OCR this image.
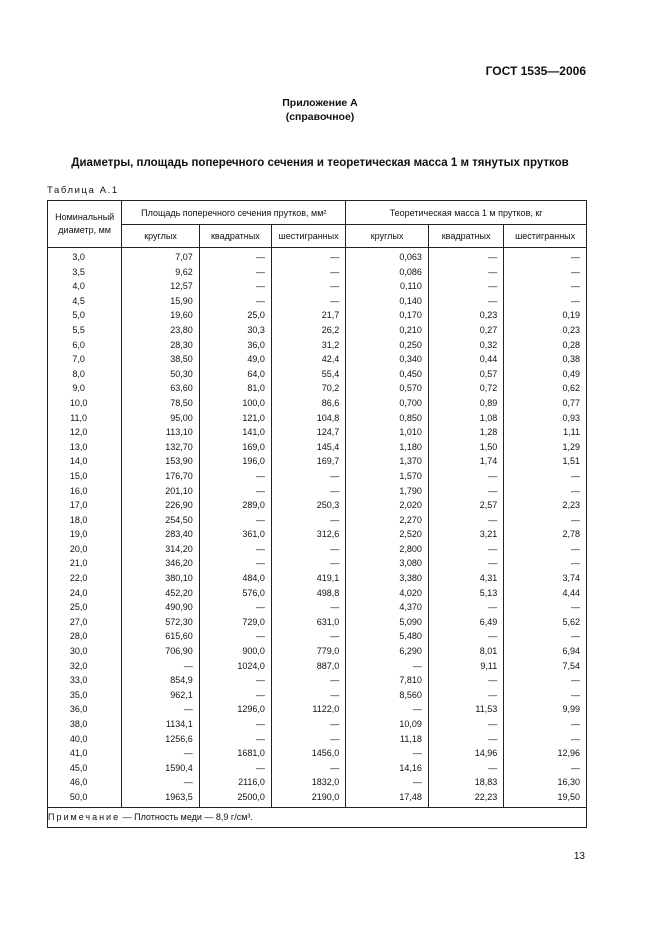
ГОСТ 1535—2006
Приложение А
(справочное)
Диаметры, площадь поперечного сечения и теоретическая масса 1 м тянутых прутков
Таблица А.1
Номинальный диаметр, мм	Площадь поперечного сечения прутков, мм²			Теоретическая масса 1 м прутков, кг		
	круглых	квадратных	шестигранных	круглых	квадратных	шестигранных
3,0	7,07	—	—	0,063	—	—
3,5	9,62	—	—	0,086	—	—
4,0	12,57	—	—	0,110	—	—
4,5	15,90	—	—	0,140	—	—
5,0	19,60	25,0	21,7	0,170	0,23	0,19
5,5	23,80	30,3	26,2	0,210	0,27	0,23
6,0	28,30	36,0	31,2	0,250	0,32	0,28
7,0	38,50	49,0	42,4	0,340	0,44	0,38
8,0	50,30	64,0	55,4	0,450	0,57	0,49
9,0	63,60	81,0	70,2	0,570	0,72	0,62
10,0	78,50	100,0	86,6	0,700	0,89	0,77
11,0	95,00	121,0	104,8	0,850	1,08	0,93
12,0	113,10	141,0	124,7	1,010	1,28	1,11
13,0	132,70	169,0	145,4	1,180	1,50	1,29
14,0	153,90	196,0	169,7	1,370	1,74	1,51
15,0	176,70	—	—	1,570	—	—
16,0	201,10	—	—	1,790	—	—
17,0	226,90	289,0	250,3	2,020	2,57	2,23
18,0	254,50	—	—	2,270	—	—
19,0	283,40	361,0	312,6	2,520	3,21	2,78
20,0	314,20	—	—	2,800	—	—
21,0	346,20	—	—	3,080	—	—
22,0	380,10	484,0	419,1	3,380	4,31	3,74
24,0	452,20	576,0	498,8	4,020	5,13	4,44
25,0	490,90	—	—	4,370	—	—
27,0	572,30	729,0	631,0	5,090	6,49	5,62
28,0	615,60	—	—	5,480	—	—
30,0	706,90	900,0	779,0	6,290	8,01	6,94
32,0	—	1024,0	887,0	—	9,11	7,54
33,0	854,9	—	—	7,810	—	—
35,0	962,1	—	—	8,560	—	—
36,0	—	1296,0	1122,0	—	11,53	9,99
38,0	1134,1	—	—	10,09	—	—
40,0	1256,6	—	—	11,18	—	—
41,0	—	1681,0	1456,0	—	14,96	12,96
45,0	1590,4	—	—	14,16	—	—
46,0	—	2116,0	1832,0	—	18,83	16,30
50,0	1963,5	2500,0	2190,0	17,48	22,23	19,50
Примечание — Плотность меди — 8,9 г/см³.						
13
